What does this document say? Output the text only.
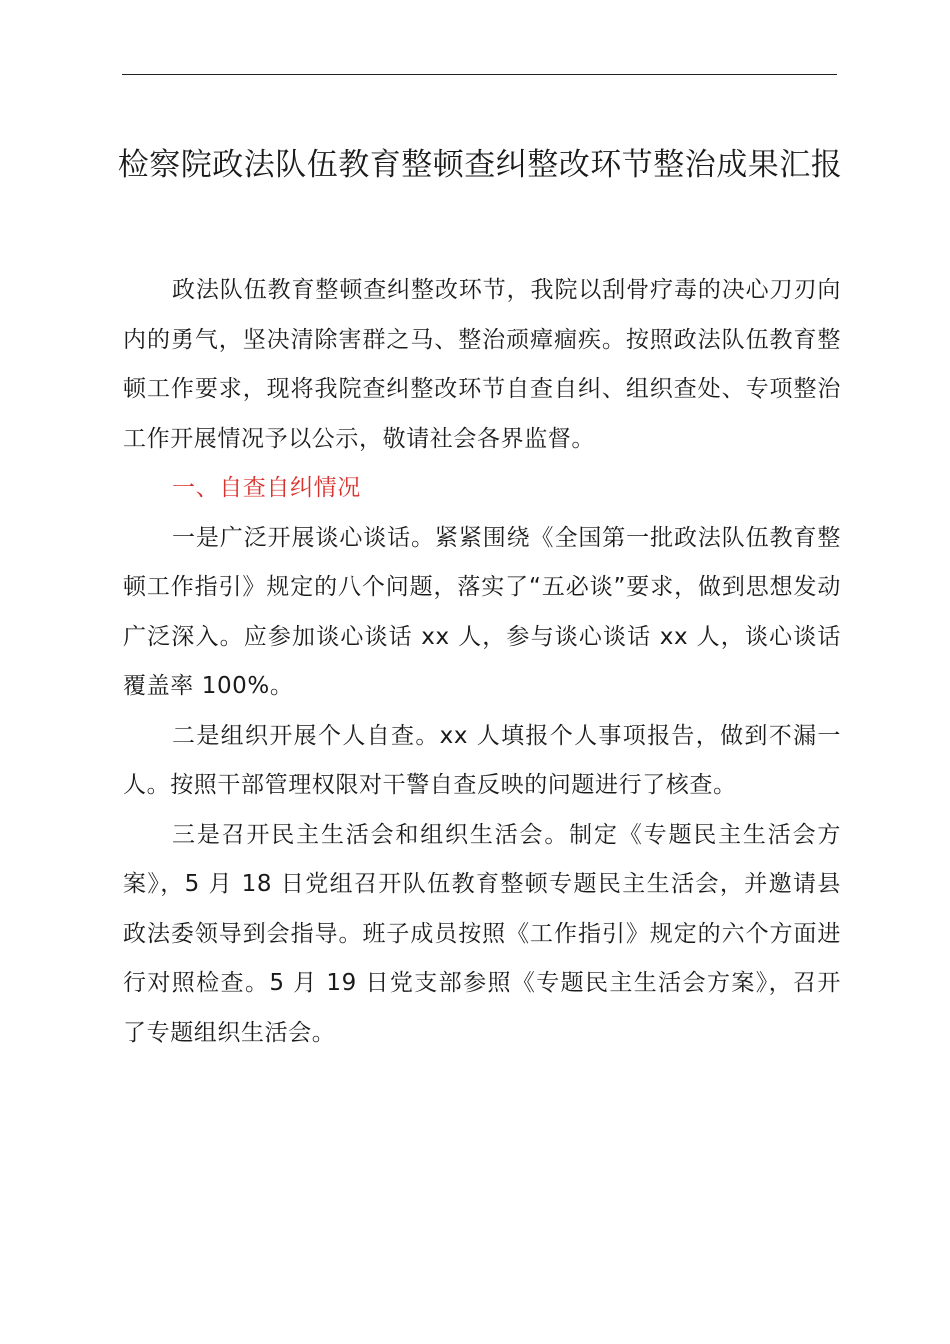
检察院政法队伍教育整顿查纠整改环节整治成果汇报

政法队伍教育整顿查纠整改环节，我院以刮骨疗毒的决心刀刃向内的勇气，坚决清除害群之马、整治顽瘴痼疾。按照政法队伍教育整顿工作要求，现将我院查纠整改环节自查自纠、组织查处、专项整治工作开展情况予以公示，敬请社会各界监督。

一、自查自纠情况

一是广泛开展谈心谈话。紧紧围绕《全国第一批政法队伍教育整顿工作指引》规定的八个问题，落实了“五必谈”要求，做到思想发动广泛深入。应参加谈心谈话 xx 人，参与谈心谈话 xx 人，谈心谈话覆盖率 100%。

二是组织开展个人自查。xx 人填报个人事项报告，做到不漏一人。按照干部管理权限对干警自查反映的问题进行了核查。

三是召开民主生活会和组织生活会。制定《专题民主生活会方案》，5 月 18 日党组召开队伍教育整顿专题民主生活会，并邀请县政法委领导到会指导。班子成员按照《工作指引》规定的六个方面进行对照检查。5 月 19 日党支部参照《专题民主生活会方案》，召开了专题组织生活会。
